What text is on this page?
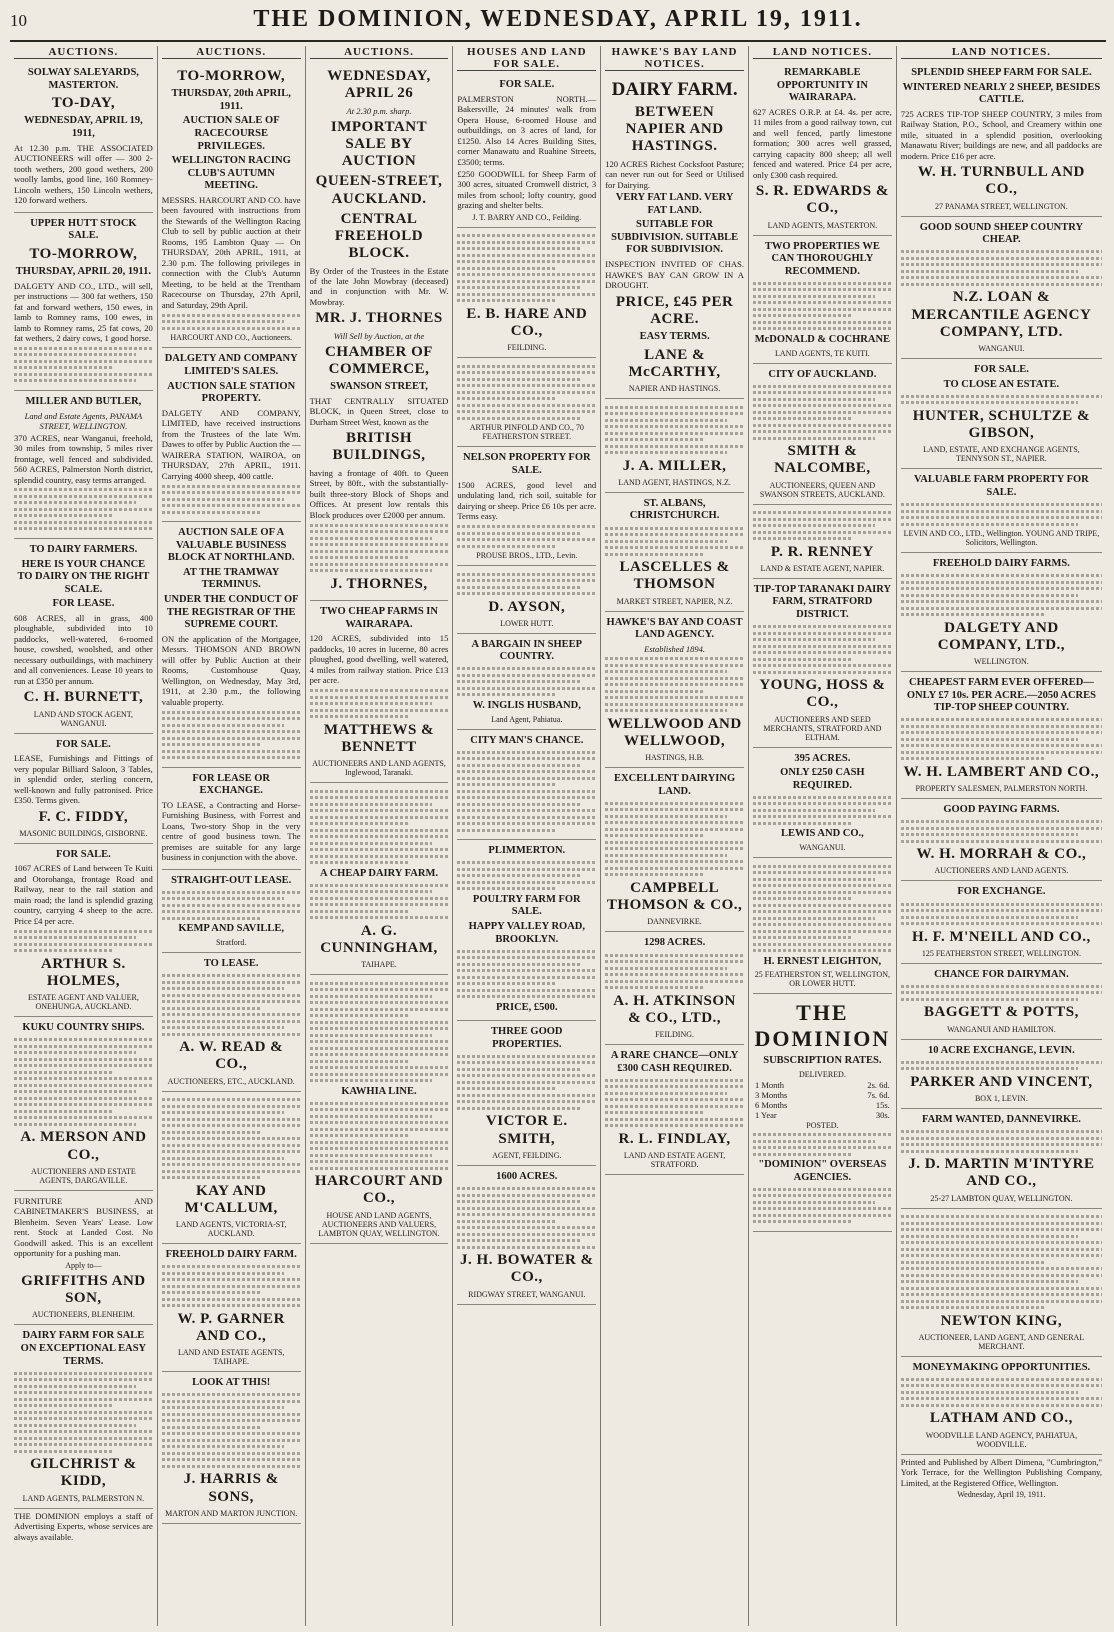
10	THE DOMINION, WEDNESDAY, APRIL 19, 1911.
AUCTIONS.
SOLWAY SALEYARDS, MASTERTON.
TO-DAY,
WEDNESDAY, APRIL 19, 1911,
At 12.30 p.m. THE ASSOCIATED AUCTIONEERS will offer — 300 2-tooth wethers, 200 good wethers, 200 woolly lambs, good line, 160 Romney-Lincoln wethers, 150 Lincoln wethers, 120 forward wethers.
UPPER HUTT STOCK SALE.
TO-MORROW,
THURSDAY, APRIL 20, 1911.
DALGETY AND CO., LTD., will sell, per instructions — 300 fat wethers, 150 fat and forward wethers, 150 ewes, in lamb to Romney rams, 100 ewes, in lamb to Romney rams, 25 fat cows, 20 fat wethers, 2 dairy cows, 1 good horse.
MILLER AND BUTLER,
Land and Estate Agents, PANAMA STREET, WELLINGTON.
370 ACRES, near Wanganui, freehold, 30 miles from township, 5 miles river frontage, well fenced and subdivided. 560 ACRES, Palmerston North district, splendid country, easy terms arranged.
TO DAIRY FARMERS.
HERE IS YOUR CHANCE TO DAIRY ON THE RIGHT SCALE.
FOR LEASE.
608 ACRES, all in grass, 400 ploughable, subdivided into 10 paddocks, well-watered, 6-roomed house, cowshed, woolshed, and other necessary outbuildings, with machinery and all conveniences. Lease 10 years to run at £350 per annum.
C. H. BURNETT,
LAND AND STOCK AGENT, WANGANUI.
FOR SALE.
LEASE, Furnishings and Fittings of very popular Billiard Saloon, 3 Tables, in splendid order, sterling concern, well-known and fully patronised. Price £350. Terms given.
F. C. FIDDY,
MASONIC BUILDINGS, GISBORNE.
FOR SALE.
1067 ACRES of Land between Te Kuiti and Otorohanga, frontage Road and Railway, near to the rail station and main road; the land is splendid grazing country, carrying 4 sheep to the acre. Price £4 per acre.
ARTHUR S. HOLMES,
ESTATE AGENT AND VALUER, ONEHUNGA, AUCKLAND.
KUKU COUNTRY SHIPS.
A. MERSON AND CO.,
AUCTIONEERS AND ESTATE AGENTS, DARGAVILLE.
FURNITURE AND CABINETMAKER'S BUSINESS, at Blenheim. Seven Years' Lease. Low rent. Stock at Landed Cost. No Goodwill asked. This is an excellent opportunity for a pushing man.
Apply to—
GRIFFITHS AND SON,
AUCTIONEERS, BLENHEIM.
DAIRY FARM FOR SALE ON EXCEPTIONAL EASY TERMS.
GILCHRIST & KIDD,
LAND AGENTS, PALMERSTON N.
THE DOMINION employs a staff of Advertising Experts, whose services are always available.
AUCTIONS.
TO-MORROW,
THURSDAY, 20th APRIL, 1911.
AUCTION SALE OF RACECOURSE PRIVILEGES.
WELLINGTON RACING CLUB'S AUTUMN MEETING.
MESSRS. HARCOURT AND CO. have been favoured with instructions from the Stewards of the Wellington Racing Club to sell by public auction at their Rooms, 195 Lambton Quay — On THURSDAY, 20th APRIL, 1911, at 2.30 p.m. The following privileges in connection with the Club's Autumn Meeting, to be held at the Trentham Racecourse on Thursday, 27th April, and Saturday, 29th April.
HARCOURT AND CO., Auctioneers.
DALGETY AND COMPANY LIMITED'S SALES.
AUCTION SALE STATION PROPERTY.
DALGETY AND COMPANY, LIMITED, have received instructions from the Trustees of the late Wm. Dawes to offer by Public Auction the — WAIRERA STATION, WAIROA, on THURSDAY, 27th APRIL, 1911. Carrying 4000 sheep, 400 cattle.
AUCTION SALE OF A VALUABLE BUSINESS BLOCK AT NORTHLAND.
AT THE TRAMWAY TERMINUS.
UNDER THE CONDUCT OF THE REGISTRAR OF THE SUPREME COURT.
ON the application of the Mortgagee, Messrs. THOMSON AND BROWN will offer by Public Auction at their Rooms, Customhouse Quay, Wellington, on Wednesday, May 3rd, 1911, at 2.30 p.m., the following valuable property.
FOR LEASE OR EXCHANGE.
TO LEASE, a Contracting and Horse-Furnishing Business, with Forrest and Loans, Two-story Shop in the very centre of good business town. The premises are suitable for any large business in conjunction with the above.
STRAIGHT-OUT LEASE.
KEMP AND SAVILLE,
Stratford.
TO LEASE.
A. W. READ & CO.,
AUCTIONEERS, ETC., AUCKLAND.
KAY AND M'CALLUM,
LAND AGENTS, VICTORIA-ST, AUCKLAND.
FREEHOLD DAIRY FARM.
W. P. GARNER AND CO.,
LAND AND ESTATE AGENTS, TAIHAPE.
LOOK AT THIS!
J. HARRIS & SONS,
MARTON AND MARTON JUNCTION.
AUCTIONS.
WEDNESDAY, APRIL 26
At 2.30 p.m. sharp.
IMPORTANT SALE BY AUCTION
QUEEN-STREET, AUCKLAND.
CENTRAL FREEHOLD BLOCK.
By Order of the Trustees in the Estate of the late John Mowbray (deceased) and in conjunction with Mr. W. Mowbray.
MR. J. THORNES
Will Sell by Auction, at the
CHAMBER OF COMMERCE,
SWANSON STREET,
THAT CENTRALLY SITUATED BLOCK, in Queen Street, close to Durham Street West, known as the
BRITISH BUILDINGS,
having a frontage of 40ft. to Queen Street, by 80ft., with the substantially-built three-story Block of Shops and Offices. At present low rentals this Block produces over £2000 per annum.
J. THORNES,
TWO CHEAP FARMS IN WAIRARAPA.
120 ACRES, subdivided into 15 paddocks, 10 acres in lucerne, 80 acres ploughed, good dwelling, well watered, 4 miles from railway station. Price £13 per acre.
MATTHEWS & BENNETT
AUCTIONEERS AND LAND AGENTS, Inglewood, Taranaki.
A CHEAP DAIRY FARM.
A. G. CUNNINGHAM,
TAIHAPE.
KAWHIA LINE.
HARCOURT AND CO.,
HOUSE AND LAND AGENTS, AUCTIONEERS AND VALUERS, LAMBTON QUAY, WELLINGTON.
HOUSES AND LAND FOR SALE.
FOR SALE.
PALMERSTON NORTH.—Bakersville, 24 minutes' walk from Opera House, 6-roomed House and outbuildings, on 3 acres of land, for £1250. Also 14 Acres Building Sites, corner Manawatu and Ruahine Streets, £3500; terms.
£250 GOODWILL for Sheep Farm of 300 acres, situated Cromwell district, 3 miles from school; lofty country, good grazing and shelter belts.
J. T. BARRY AND CO., Feilding.
E. B. HARE AND CO.,
FEILDING.
ARTHUR PINFOLD AND CO., 70 FEATHERSTON STREET.
NELSON PROPERTY FOR SALE.
1500 ACRES, good level and undulating land, rich soil, suitable for dairying or sheep. Price £6 10s per acre. Terms easy.
PROUSE BROS., LTD., Levin.
D. AYSON,
LOWER HUTT.
A BARGAIN IN SHEEP COUNTRY.
W. INGLIS HUSBAND,
Land Agent, Pahiatua.
CITY MAN'S CHANCE.
PLIMMERTON.
POULTRY FARM FOR SALE.
HAPPY VALLEY ROAD, BROOKLYN.
PRICE, £500.
THREE GOOD PROPERTIES.
VICTOR E. SMITH,
AGENT, FEILDING.
1600 ACRES.
J. H. BOWATER & CO.,
RIDGWAY STREET, WANGANUI.
HAWKE'S BAY LAND NOTICES.
DAIRY FARM.
BETWEEN NAPIER AND HASTINGS.
120 ACRES Richest Cocksfoot Pasture; can never run out for Seed or Utilised for Dairying.
VERY FAT LAND. VERY FAT LAND.
SUITABLE FOR SUBDIVISION. SUITABLE FOR SUBDIVISION.
INSPECTION INVITED OF CHAS. HAWKE'S BAY CAN GROW IN A DROUGHT.
PRICE, £45 PER ACRE.
EASY TERMS.
LANE & McCARTHY,
NAPIER AND HASTINGS.
J. A. MILLER,
LAND AGENT, HASTINGS, N.Z.
ST. ALBANS, CHRISTCHURCH.
LASCELLES & THOMSON
MARKET STREET, NAPIER, N.Z.
HAWKE'S BAY AND COAST LAND AGENCY.
Established 1894.
WELLWOOD AND WELLWOOD,
HASTINGS, H.B.
EXCELLENT DAIRYING LAND.
CAMPBELL THOMSON & CO.,
DANNEVIRKE.
1298 ACRES.
A. H. ATKINSON & CO., LTD.,
FEILDING.
A RARE CHANCE—ONLY £300 CASH REQUIRED.
R. L. FINDLAY,
LAND AND ESTATE AGENT, STRATFORD.
LAND NOTICES.
REMARKABLE OPPORTUNITY IN WAIRARAPA.
627 ACRES O.R.P. at £4. 4s. per acre, 11 miles from a good railway town, cut and well fenced, partly limestone formation; 300 acres well grassed, carrying capacity 800 sheep; all well fenced and watered. Price £4 per acre, only £300 cash required.
S. R. EDWARDS & CO.,
LAND AGENTS, MASTERTON.
TWO PROPERTIES WE CAN THOROUGHLY RECOMMEND.
McDONALD & COCHRANE
LAND AGENTS, TE KUITI.
CITY OF AUCKLAND.
SMITH & NALCOMBE,
AUCTIONEERS, QUEEN AND SWANSON STREETS, AUCKLAND.
P. R. RENNEY
LAND & ESTATE AGENT, NAPIER.
TIP-TOP TARANAKI DAIRY FARM, STRATFORD DISTRICT.
YOUNG, HOSS & CO.,
AUCTIONEERS AND SEED MERCHANTS, STRATFORD AND ELTHAM.
395 ACRES.
ONLY £250 CASH REQUIRED.
LEWIS AND CO.,
WANGANUI.
H. ERNEST LEIGHTON,
25 FEATHERSTON ST, WELLINGTON, OR LOWER HUTT.
THE DOMINION
SUBSCRIPTION RATES.
DELIVERED.
1 Month	2s. 6d.
3 Months	7s. 6d.
6 Months	15s.
1 Year	30s.
POSTED.
"DOMINION" OVERSEAS AGENCIES.
LAND NOTICES.
SPLENDID SHEEP FARM FOR SALE.
WINTERED NEARLY 2 SHEEP, BESIDES CATTLE.
725 ACRES TIP-TOP SHEEP COUNTRY, 3 miles from Railway Station, P.O., School, and Creamery within one mile, situated in a splendid position, overlooking Manawatu River; buildings are new, and all paddocks are modern. Price £16 per acre.
W. H. TURNBULL AND CO.,
27 PANAMA STREET, WELLINGTON.
GOOD SOUND SHEEP COUNTRY CHEAP.
N.Z. LOAN & MERCANTILE AGENCY COMPANY, LTD.
WANGANUI.
FOR SALE.
TO CLOSE AN ESTATE.
HUNTER, SCHULTZE & GIBSON,
LAND, ESTATE, AND EXCHANGE AGENTS, TENNYSON ST., NAPIER.
VALUABLE FARM PROPERTY FOR SALE.
LEVIN AND CO., LTD., Wellington. YOUNG AND TRIPE, Solicitors, Wellington.
FREEHOLD DAIRY FARMS.
DALGETY AND COMPANY, LTD.,
WELLINGTON.
CHEAPEST FARM EVER OFFERED—ONLY £7 10s. PER ACRE.—2050 ACRES TIP-TOP SHEEP COUNTRY.
W. H. LAMBERT AND CO.,
PROPERTY SALESMEN, PALMERSTON NORTH.
GOOD PAYING FARMS.
W. H. MORRAH & CO.,
AUCTIONEERS AND LAND AGENTS.
FOR EXCHANGE.
H. F. M'NEILL AND CO.,
125 FEATHERSTON STREET, WELLINGTON.
CHANCE FOR DAIRYMAN.
BAGGETT & POTTS,
WANGANUI AND HAMILTON.
10 ACRE EXCHANGE, LEVIN.
PARKER AND VINCENT,
BOX 1, LEVIN.
FARM WANTED, DANNEVIRKE.
J. D. MARTIN M'INTYRE AND CO.,
25-27 LAMBTON QUAY, WELLINGTON.
NEWTON KING,
AUCTIONEER, LAND AGENT, AND GENERAL MERCHANT.
MONEYMAKING OPPORTUNITIES.
LATHAM AND CO.,
WOODVILLE LAND AGENCY, PAHIATUA, WOODVILLE.
Printed and Published by Albert Dimena, "Cumbrington," York Terrace, for the Wellington Publishing Company, Limited, at the Registered Office, Wellington.
Wednesday, April 19, 1911.
